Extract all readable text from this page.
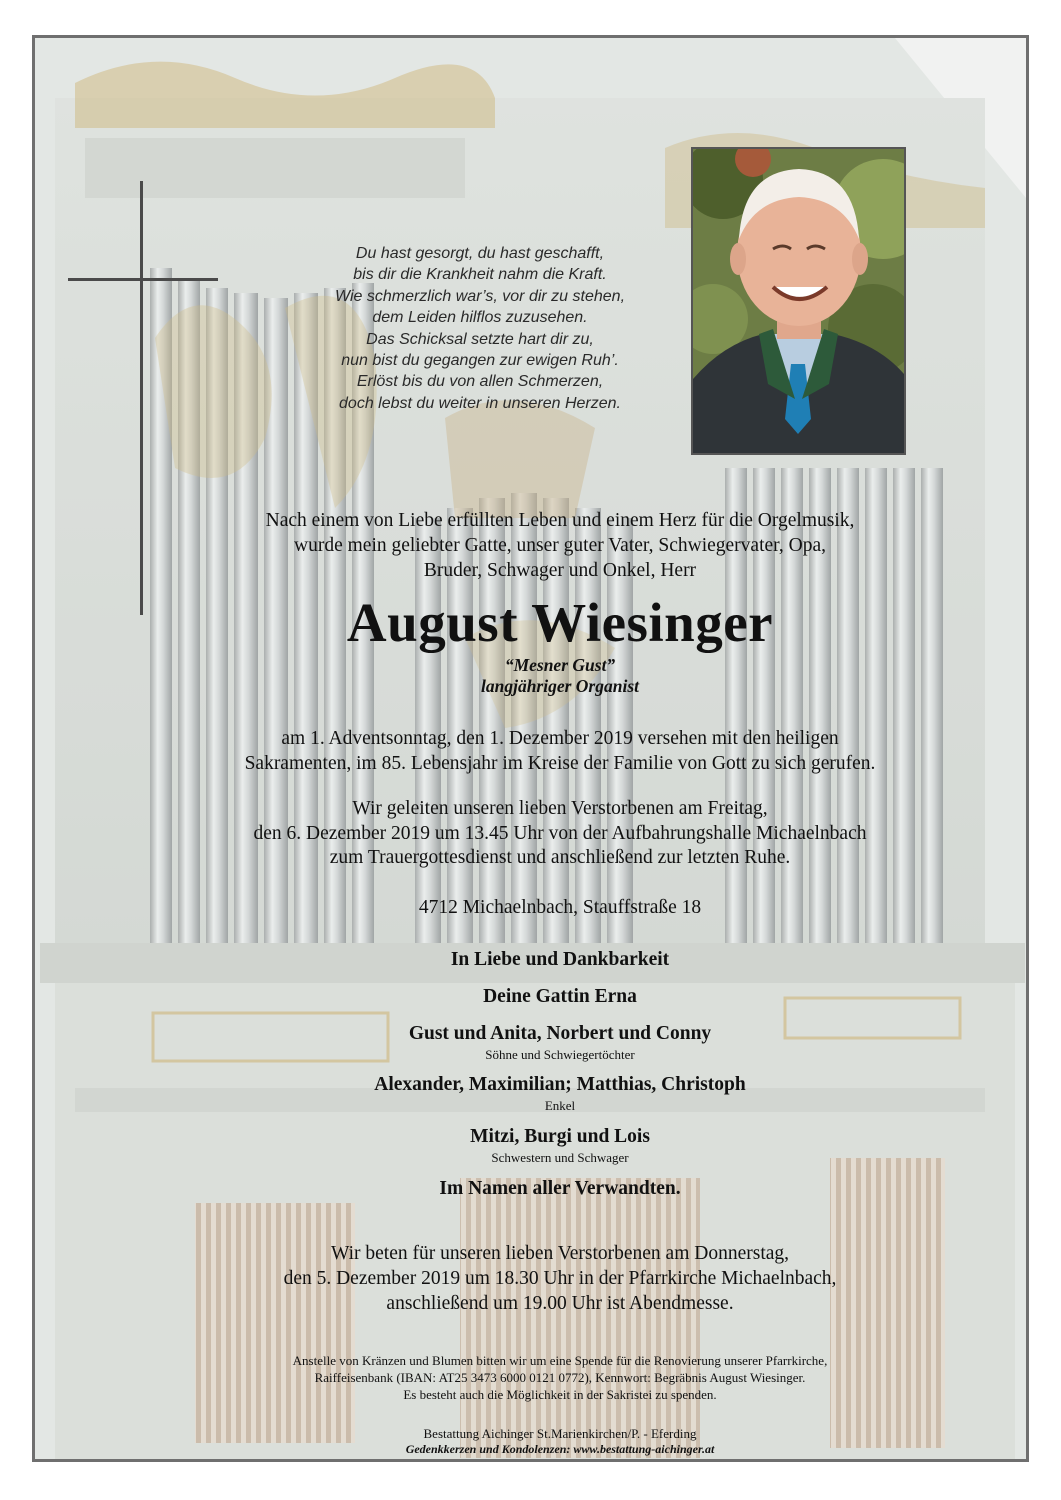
Du hast gesorgt, du hast geschafft,
bis dir die Krankheit nahm die Kraft.
Wie schmerzlich war’s, vor dir zu stehen,
dem Leiden hilflos zuzusehen.
Das Schicksal setzte hart dir zu,
nun bist du gegangen zur ewigen Ruh’.
Erlöst bis du von allen Schmerzen,
doch lebst du weiter in unseren Herzen.
Nach einem von Liebe erfüllten Leben und einem Herz für die Orgelmusik,
wurde mein geliebter Gatte, unser guter Vater, Schwiegervater, Opa,
Bruder, Schwager und Onkel, Herr
August Wiesinger
“Mesner Gust”
langjähriger Organist
am 1. Adventsonntag, den 1. Dezember 2019 versehen mit den heiligen
Sakramenten, im 85. Lebensjahr im Kreise der Familie von Gott zu sich gerufen.
Wir geleiten unseren lieben Verstorbenen am Freitag,
den 6. Dezember 2019 um 13.45 Uhr von der Aufbahrungshalle Michaelnbach
zum Trauergottesdienst und anschließend zur letzten Ruhe.
4712 Michaelnbach, Stauffstraße 18
In Liebe und Dankbarkeit
Deine Gattin Erna
Gust und Anita, Norbert und Conny
Söhne und Schwiegertöchter
Alexander, Maximilian; Matthias, Christoph
Enkel
Mitzi, Burgi und Lois
Schwestern und Schwager
Im Namen aller Verwandten.
Wir beten für unseren lieben Verstorbenen am Donnerstag,
den 5. Dezember 2019 um 18.30 Uhr in der Pfarrkirche Michaelnbach,
anschließend um 19.00 Uhr ist Abendmesse.
Anstelle von Kränzen und Blumen bitten wir um eine Spende für die Renovierung unserer Pfarrkirche,
Raiffeisenbank (IBAN: AT25 3473 6000 0121 0772), Kennwort: Begräbnis August Wiesinger.
Es besteht auch die Möglichkeit in der Sakristei zu spenden.
Bestattung Aichinger St.Marienkirchen/P. - Eferding
Gedenkkerzen und Kondolenzen: www.bestattung-aichinger.at
